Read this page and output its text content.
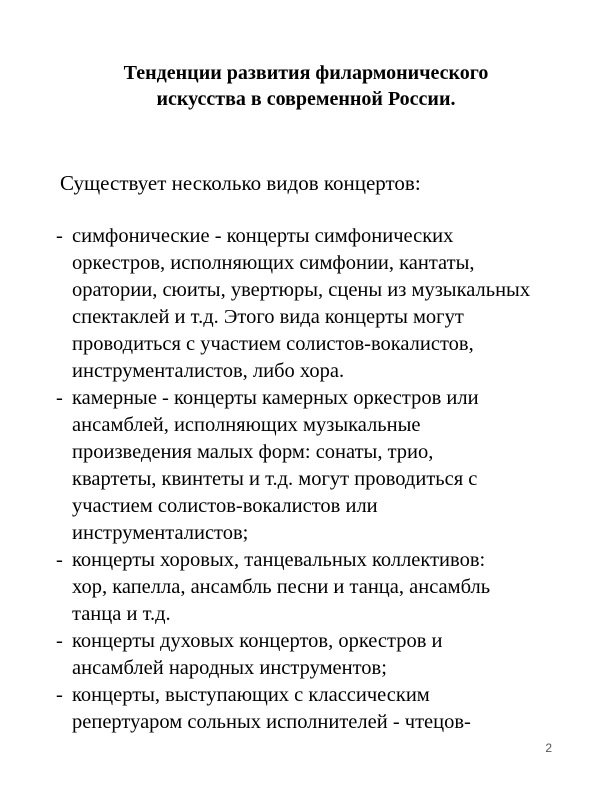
Тенденции развития филармонического
искусства в современной России.

Существует несколько видов концертов:

- симфонические - концерты симфонических
оркестров, исполняющих симфонии, кантаты,
оратории, сюиты, увертюры, сцены из музыкальных
спектаклей и т.д. Этого вида концерты могут
проводиться с участием солистов-вокалистов,
инструменталистов, либо хора.
- камерные - концерты камерных оркестров или
ансамблей, исполняющих музыкальные
произведения малых форм: сонаты, трио,
квартеты, квинтеты и т.д. могут проводиться с
участием солистов-вокалистов или
инструменталистов;
- концерты хоровых, танцевальных коллективов:
хор, капелла, ансамбль песни и танца, ансамбль
танца и т.д.
- концерты духовых концертов, оркестров и
ансамблей народных инструментов;
- концерты, выступающих с классическим
репертуаром сольных исполнителей - чтецов-
2
